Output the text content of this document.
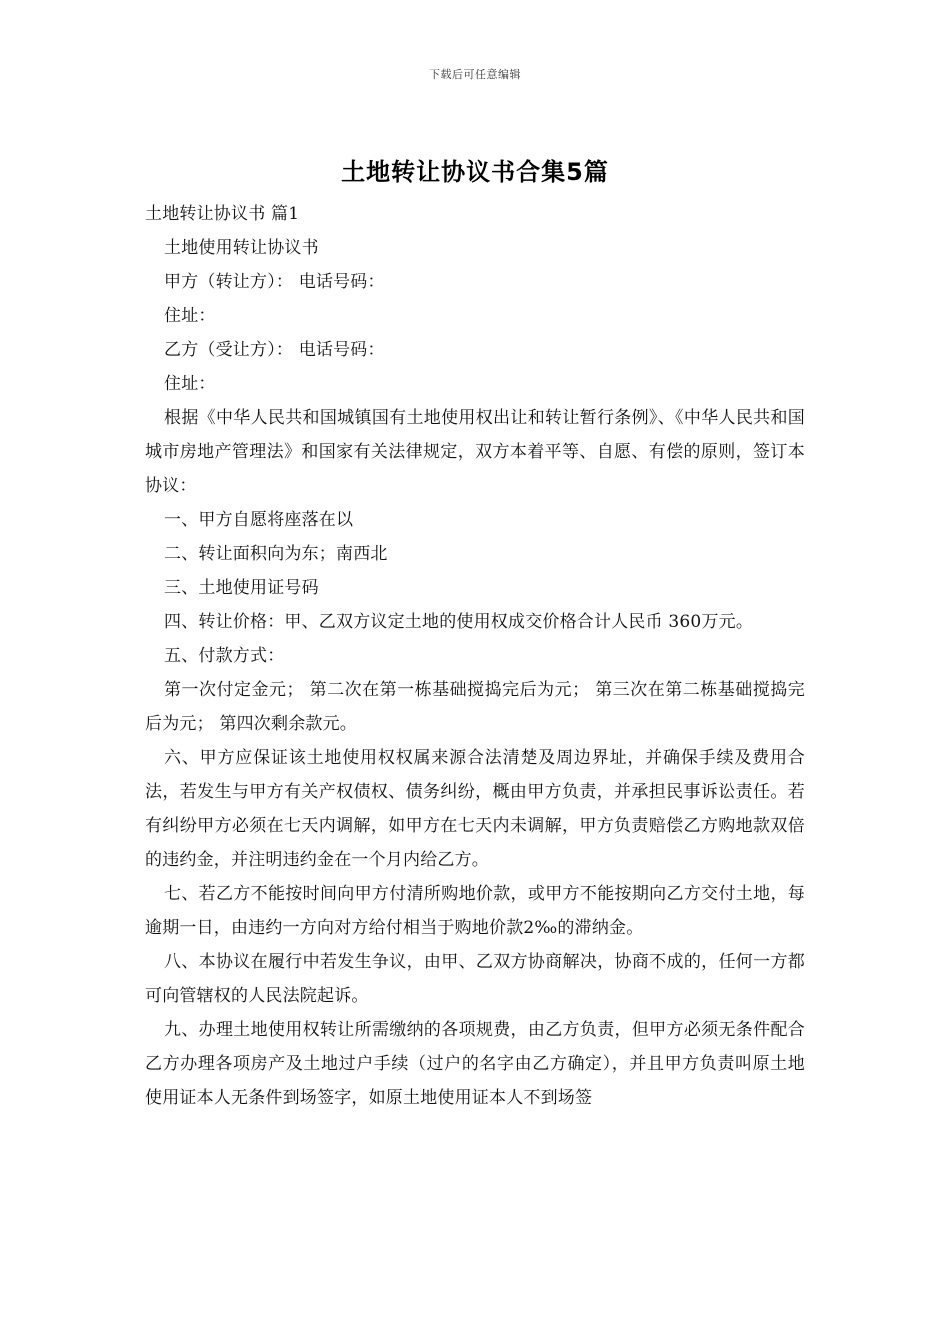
下载后可任意编辑
土地转让协议书合集5篇

土地转让协议书 篇1

土地使用转让协议书

甲方（转让方）： 电话号码：

住址：

乙方（受让方）： 电话号码：

住址：

根据《中华人民共和国城镇国有土地使用权出让和转让暂行条例》、《中华人民共和国城市房地产管理法》和国家有关法律规定，双方本着平等、自愿、有偿的原则，签订本协议：

一、甲方自愿将座落在以

二、转让面积向为东；南西北

三、土地使用证号码

四、转让价格：甲、乙双方议定土地的使用权成交价格合计人民币 360万元。

五、付款方式：

第一次付定金元； 第二次在第一栋基础搅捣完后为元； 第三次在第二栋基础搅捣完后为元； 第四次剩余款元。

六、甲方应保证该土地使用权权属来源合法清楚及周边界址，并确保手续及费用合法，若发生与甲方有关产权债权、债务纠纷，概由甲方负责，并承担民事诉讼责任。若有纠纷甲方必须在七天内调解，如甲方在七天内未调解，甲方负责赔偿乙方购地款双倍的违约金，并注明违约金在一个月内给乙方。

七、若乙方不能按时间向甲方付清所购地价款，或甲方不能按期向乙方交付土地，每逾期一日，由违约一方向对方给付相当于购地价款2‰的滞纳金。

八、本协议在履行中若发生争议，由甲、乙双方协商解决，协商不成的，任何一方都可向管辖权的人民法院起诉。

九、办理土地使用权转让所需缴纳的各项规费，由乙方负责，但甲方必须无条件配合乙方办理各项房产及土地过户手续（过户的名字由乙方确定），并且甲方负责叫原土地使用证本人无条件到场签字，如原土地使用证本人不到场签
